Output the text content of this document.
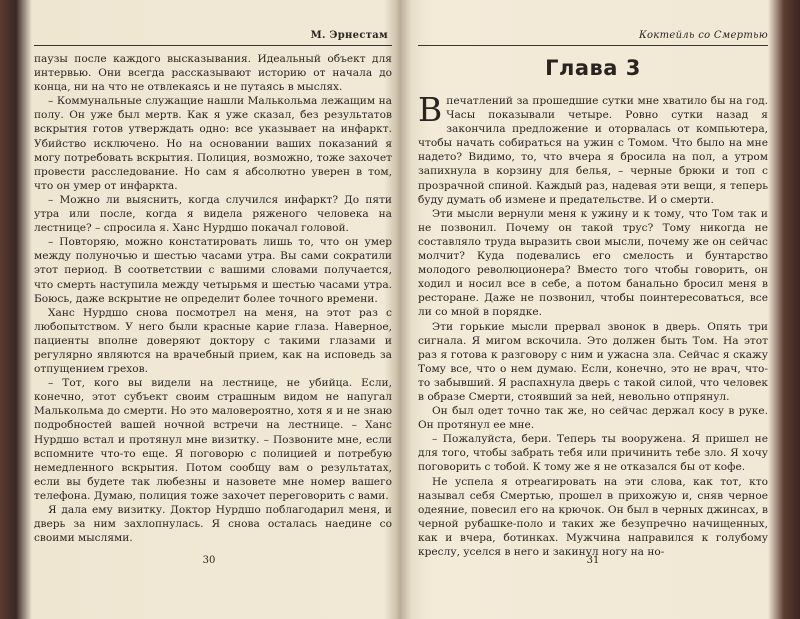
М. Эрнестам

паузы после каждого высказывания. Идеальный объект для интервью. Они всегда рассказывают историю от начала до конца, ни на что не отвлекаясь и не путаясь в мыслях.

– Коммунальные служащие нашли Малькольма лежащим на полу. Он уже был мертв. Как я уже сказал, без результатов вскрытия готов утверждать одно: все указывает на инфаркт. Убийство исключено. Но на основании ваших показаний я могу потребовать вскрытия. Полиция, возможно, тоже захочет провести расследование. Но сам я абсолютно уверен в том, что он умер от инфаркта.

– Можно ли выяснить, когда случился инфаркт? До пяти утра или после, когда я видела ряженого человека на лестнице? – спросила я. Ханс Нурдшо покачал головой.

– Повторяю, можно констатировать лишь то, что он умер между полуночью и шестью часами утра. Вы сами сократили этот период. В соответствии с вашими словами получается, что смерть наступила между четырьмя и шестью часами утра. Боюсь, даже вскрытие не определит более точного времени.

Ханс Нурдшо снова посмотрел на меня, на этот раз с любопытством. У него были красные карие глаза. Наверное, пациенты вполне доверяют доктору с такими глазами и регулярно являются на врачебный прием, как на исповедь за отпущением грехов.

– Тот, кого вы видели на лестнице, не убийца. Если, конечно, этот субъект своим страшным видом не напугал Малькольма до смерти. Но это маловероятно, хотя я и не знаю подробностей вашей ночной встречи на лестнице. – Ханс Нурдшо встал и протянул мне визитку. – Позвоните мне, если вспомните что-то еще. Я поговорю с полицией и потребую немедленного вскрытия. Потом сообщу вам о результатах, если вы будете так любезны и назовете мне номер вашего телефона. Думаю, полиция тоже захочет переговорить с вами.

Я дала ему визитку. Доктор Нурдшо поблагодарил меня, и дверь за ним захлопнулась. Я снова осталась наедине со своими мыслями.

30
Коктейль со Смертью
Глава 3

Впечатлений за прошедшие сутки мне хватило бы на год. Часы показывали четыре. Ровно сутки назад я закончила предложение и оторвалась от компьютера, чтобы начать собираться на ужин с Томом. Что было на мне надето? Видимо, то, что вчера я бросила на пол, а утром запихнула в корзину для белья, – черные брюки и топ с прозрачной спиной. Каждый раз, надевая эти вещи, я теперь буду думать об измене и предательстве. И о смерти.

Эти мысли вернули меня к ужину и к тому, что Том так и не позвонил. Почему он такой трус? Тому никогда не составляло труда выразить свои мысли, почему же он сейчас молчит? Куда подевались его смелость и бунтарство молодого революционера? Вместо того чтобы говорить, он ходил и носил все в себе, а потом банально бросил меня в ресторане. Даже не позвонил, чтобы поинтересоваться, все ли со мной в порядке.

Эти горькие мысли прервал звонок в дверь. Опять три сигнала. Я мигом вскочила. Это должен быть Том. На этот раз я готова к разговору с ним и ужасна зла. Сейчас я скажу Тому все, что о нем думаю. Если, конечно, это не врач, что-то забывший. Я распахнула дверь с такой силой, что человек в образе Смерти, стоявший за ней, невольно отпрянул.

Он был одет точно так же, но сейчас держал косу в руке. Он протянул ее мне.

– Пожалуйста, бери. Теперь ты вооружена. Я пришел не для того, чтобы забрать тебя или причинить тебе зло. Я хочу поговорить с тобой. К тому же я не отказался бы от кофе.

Не успела я отреагировать на эти слова, как тот, кто называл себя Смертью, прошел в прихожую и, сняв черное одеяние, повесил его на крючок. Он был в черных джинсах, в черной рубашке-поло и таких же безупречно начищенных, как и вчера, ботинках. Мужчина направился к голубому креслу, уселся в него и закинул ногу на но-

31
